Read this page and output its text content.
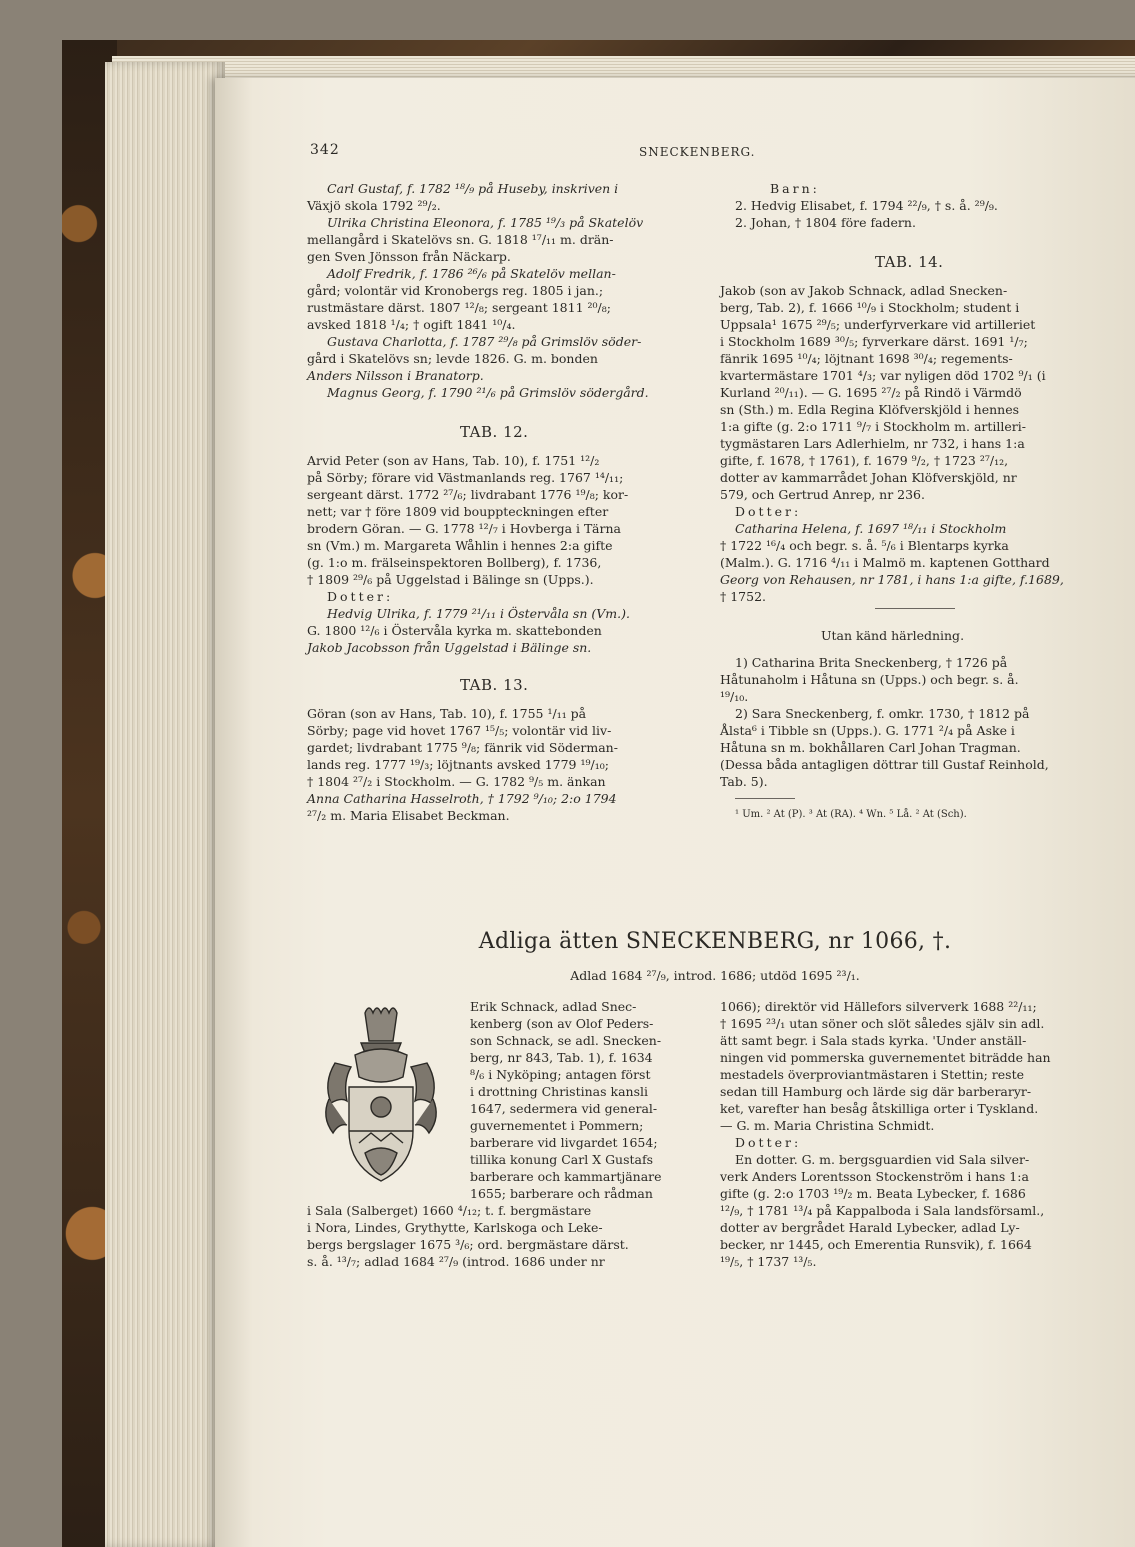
342	SNECKENBERG.
Carl Gustaf, f. 1782 ¹⁸/₉ på Huseby, inskriven i
Växjö skola 1792 ²⁹/₂.
Ulrika Christina Eleonora, f. 1785 ¹⁹/₃ på Skatelöv
mellangård i Skatelövs sn. G. 1818 ¹⁷/₁₁ m. drän-
gen Sven Jönsson från Näckarp.
Adolf Fredrik, f. 1786 ²⁶/₆ på Skatelöv mellan-
gård; volontär vid Kronobergs reg. 1805 i jan.;
rustmästare därst. 1807 ¹²/₈; sergeant 1811 ²⁰/₈;
avsked 1818 ¹/₄; † ogift 1841 ¹⁰/₄.
Gustava Charlotta, f. 1787 ²⁹/₈ på Grimslöv söder-
gård i Skatelövs sn; levde 1826. G. m. bonden
Anders Nilsson i Branatorp.
Magnus Georg, f. 1790 ²¹/₆ på Grimslöv södergård.
TAB. 12.
Arvid Peter (son av Hans, Tab. 10), f. 1751 ¹²/₂
på Sörby; förare vid Västmanlands reg. 1767 ¹⁴/₁₁;
sergeant därst. 1772 ²⁷/₆; livdrabant 1776 ¹⁹/₈; kor-
nett; var † före 1809 vid bouppteckningen efter
brodern Göran. — G. 1778 ¹²/₇ i Hovberga i Tärna
sn (Vm.) m. Margareta Wåhlin i hennes 2:a gifte
(g. 1:o m. frälseinspektoren Bollberg), f. 1736,
† 1809 ²⁹/₆ på Uggelstad i Bälinge sn (Upps.).
Dotter:
Hedvig Ulrika, f. 1779 ²¹/₁₁ i Östervåla sn (Vm.).
G. 1800 ¹²/₆ i Östervåla kyrka m. skattebonden
Jakob Jacobsson från Uggelstad i Bälinge sn.
TAB. 13.
Göran (son av Hans, Tab. 10), f. 1755 ¹/₁₁ på
Sörby; page vid hovet 1767 ¹⁵/₅; volontär vid liv-
gardet; livdrabant 1775 ⁹/₈; fänrik vid Söderman-
lands reg. 1777 ¹⁹/₃; löjtnants avsked 1779 ¹⁹/₁₀;
† 1804 ²⁷/₂ i Stockholm. — G. 1782 ⁹/₅ m. änkan
Anna Catharina Hasselroth, † 1792 ⁹/₁₀; 2:o 1794
²⁷/₂ m. Maria Elisabet Beckman.
Barn:
2. Hedvig Elisabet, f. 1794 ²²/₉, † s. å. ²⁹/₉.
2. Johan, † 1804 före fadern.
TAB. 14.
Jakob (son av Jakob Schnack, adlad Snecken-
berg, Tab. 2), f. 1666 ¹⁰/₉ i Stockholm; student i
Uppsala¹ 1675 ²⁹/₅; underfyrverkare vid artilleriet
i Stockholm 1689 ³⁰/₅; fyrverkare därst. 1691 ¹/₇;
fänrik 1695 ¹⁰/₄; löjtnant 1698 ³⁰/₄; regements-
kvartermästare 1701 ⁴/₃; var nyligen död 1702 ⁹/₁ (i
Kurland ²⁰/₁₁). — G. 1695 ²⁷/₂ på Rindö i Värmdö
sn (Sth.) m. Edla Regina Klöfverskjöld i hennes
1:a gifte (g. 2:o 1711 ⁹/₇ i Stockholm m. artilleri-
tygmästaren Lars Adlerhielm, nr 732, i hans 1:a
gifte, f. 1678, † 1761), f. 1679 ⁹/₂, † 1723 ²⁷/₁₂,
dotter av kammarrådet Johan Klöfverskjöld, nr
579, och Gertrud Anrep, nr 236.
Dotter:
Catharina Helena, f. 1697 ¹⁸/₁₁ i Stockholm
† 1722 ¹⁶/₄ och begr. s. å. ⁵/₆ i Blentarps kyrka
(Malm.). G. 1716 ⁴/₁₁ i Malmö m. kaptenen Gotthard
Georg von Rehausen, nr 1781, i hans 1:a gifte, f.1689,
† 1752.
Utan känd härledning.
1) Catharina Brita Sneckenberg, † 1726 på
Håtunaholm i Håtuna sn (Upps.) och begr. s. å.
¹⁹/₁₀.
2) Sara Sneckenberg, f. omkr. 1730, † 1812 på
Ålsta⁶ i Tibble sn (Upps.). G. 1771 ²/₄ på Aske i
Håtuna sn m. bokhållaren Carl Johan Tragman.
(Dessa båda antagligen döttrar till Gustaf Reinhold,
Tab. 5).
¹ Um. ² At (P). ³ At (RA). ⁴ Wn. ⁵ Lå. ² At (Sch).
Adliga ätten SNECKENBERG, nr 1066, †.
Adlad 1684 ²⁷/₉, introd. 1686; utdöd 1695 ²³/₁.
Erik Schnack, adlad Snec-
kenberg (son av Olof Peders-
son Schnack, se adl. Snecken-
berg, nr 843, Tab. 1), f. 1634
⁸/₆ i Nyköping; antagen först
i drottning Christinas kansli
1647, sedermera vid general-
guvernementet i Pommern;
barberare vid livgardet 1654;
tillika konung Carl X Gustafs
barberare och kammartjänare
1655; barberare och rådman
i Sala (Salberget) 1660 ⁴/₁₂; t. f. bergmästare
i Nora, Lindes, Grythytte, Karlskoga och Leke-
bergs bergslager 1675 ³/₆; ord. bergmästare därst.
s. å. ¹³/₇; adlad 1684 ²⁷/₉ (introd. 1686 under nr
1066); direktör vid Hällefors silververk 1688 ²²/₁₁;
† 1695 ²³/₁ utan söner och slöt således själv sin adl.
ätt samt begr. i Sala stads kyrka. 'Under anställ-
ningen vid pommerska guvernementet biträdde han
mestadels överproviantmästaren i Stettin; reste
sedan till Hamburg och lärde sig där barberaryr-
ket, varefter han besåg åtskilliga orter i Tyskland.
— G. m. Maria Christina Schmidt.
Dotter:
En dotter. G. m. bergsguardien vid Sala silver-
verk Anders Lorentsson Stockenström i hans 1:a
gifte (g. 2:o 1703 ¹⁹/₂ m. Beata Lybecker, f. 1686
¹²/₉, † 1781 ¹³/₄ på Kappalboda i Sala landsförsaml.,
dotter av bergrådet Harald Lybecker, adlad Ly-
becker, nr 1445, och Emerentia Runsvik), f. 1664
¹⁹/₅, † 1737 ¹³/₅.
